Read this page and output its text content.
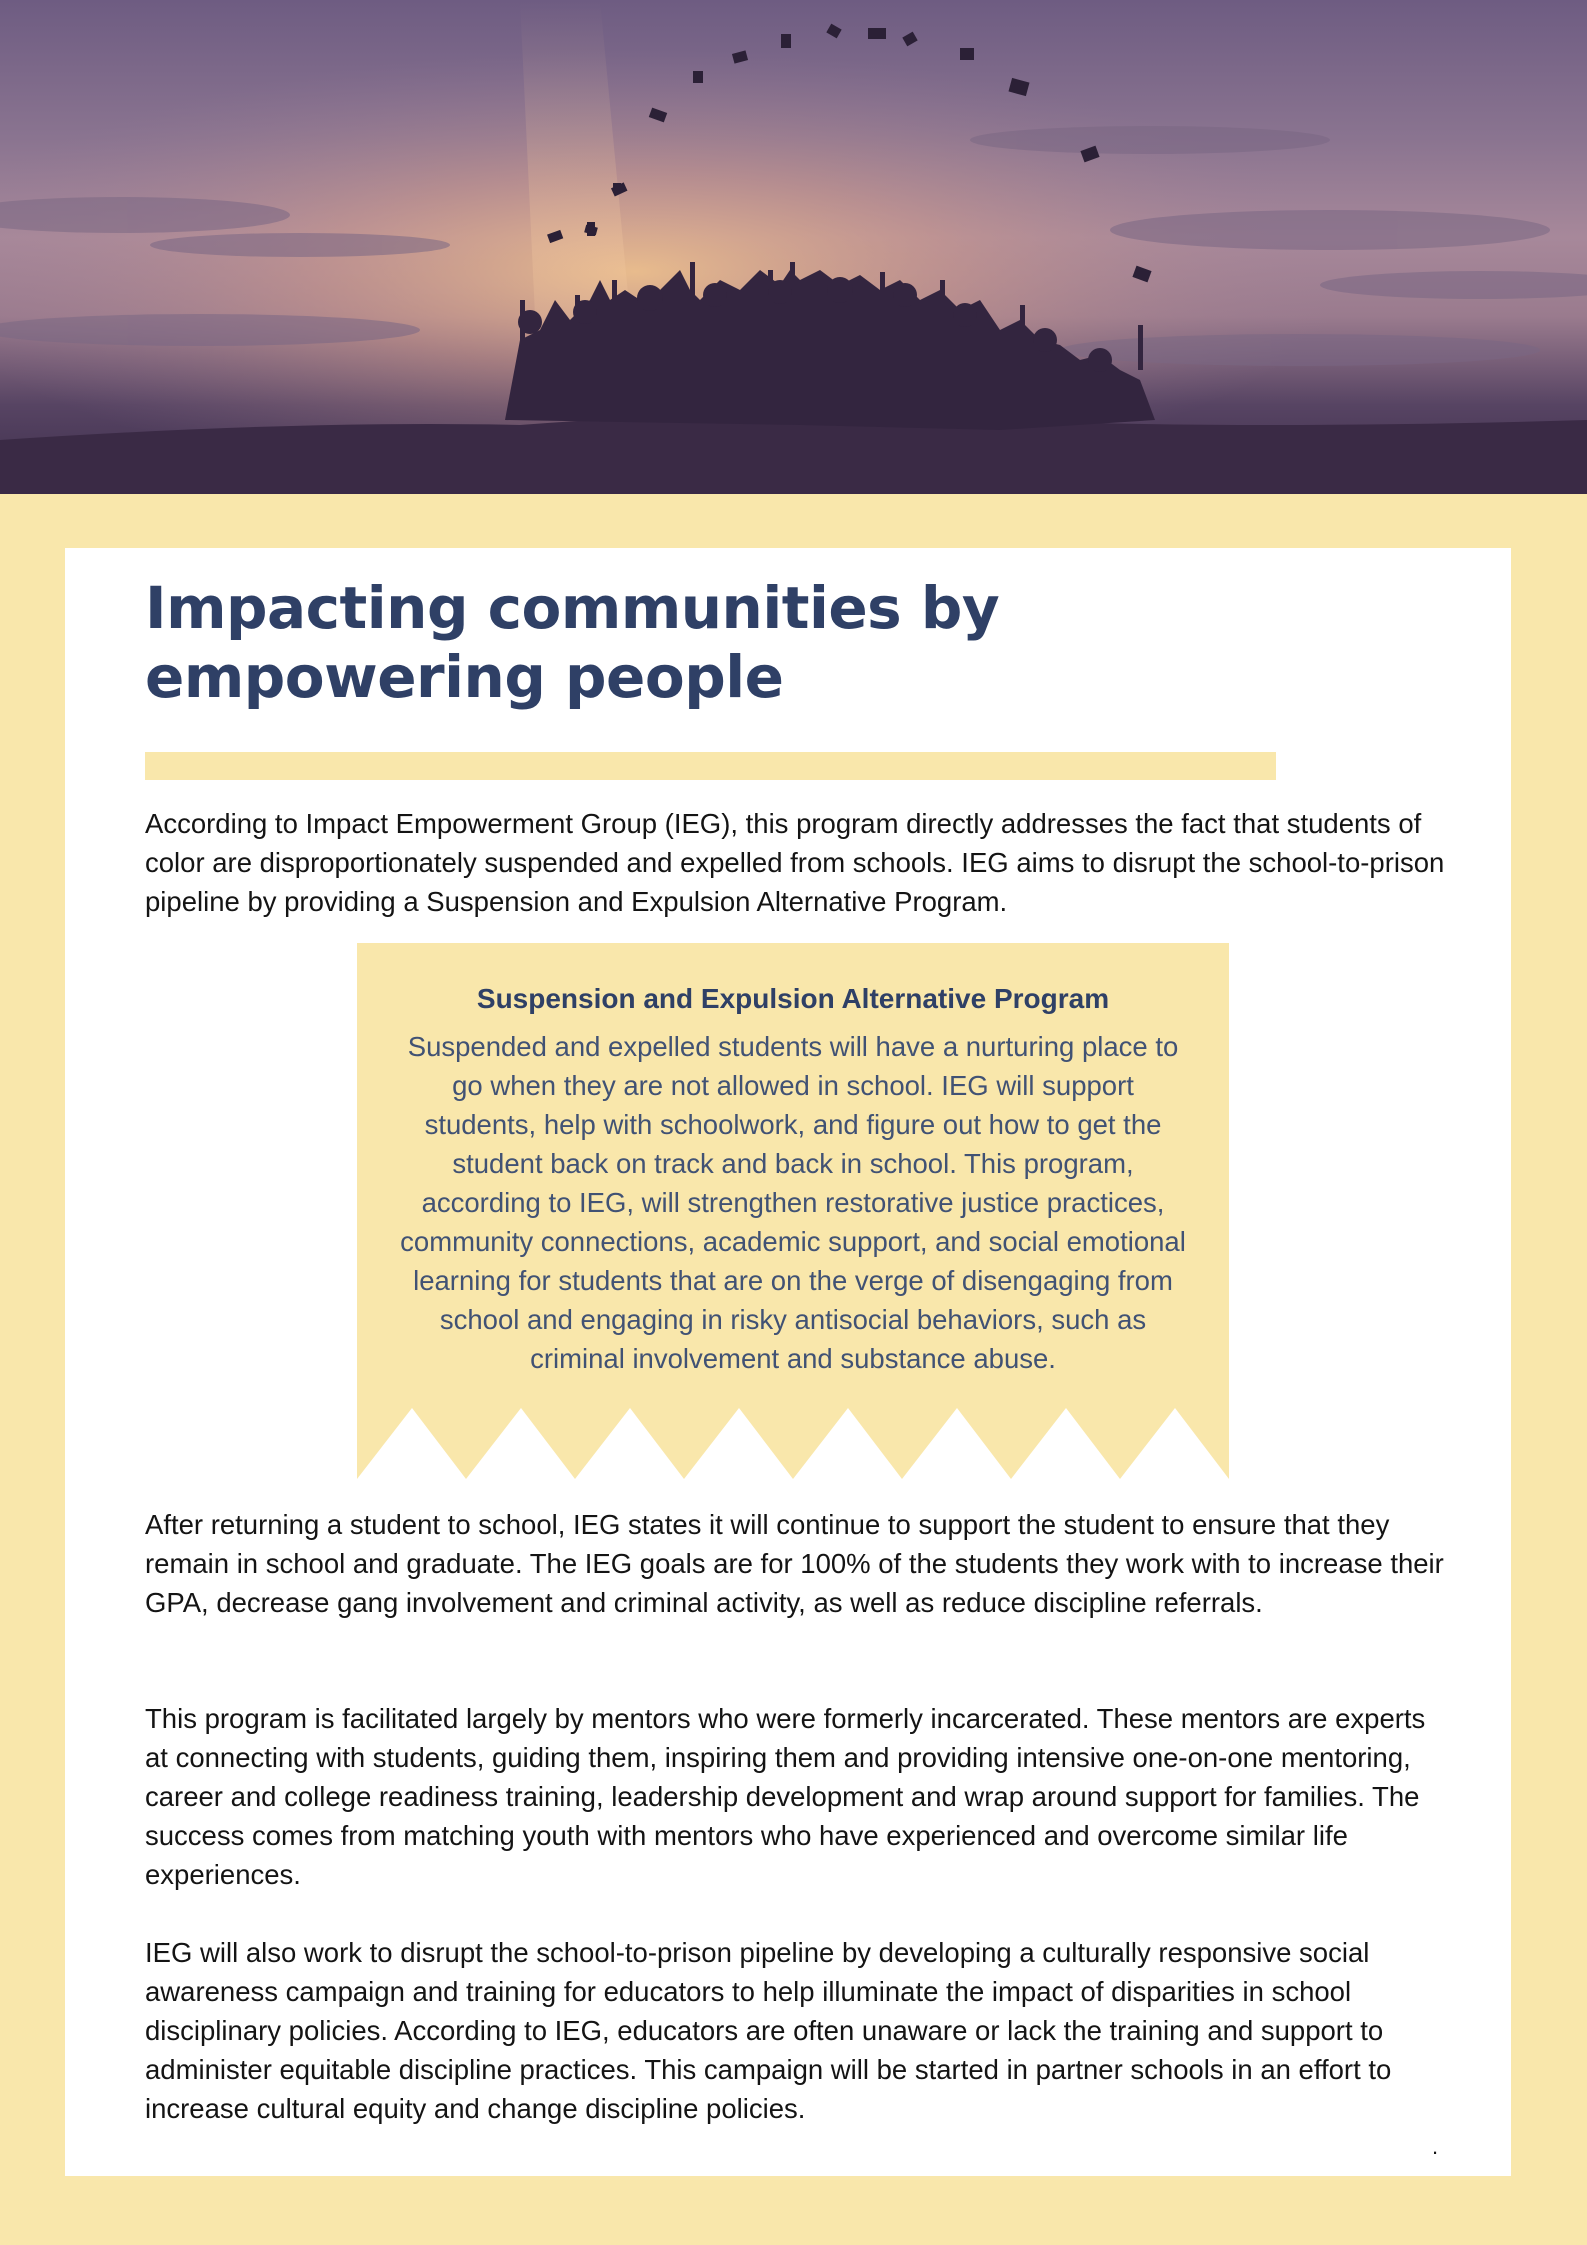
Impacting communities by empowering people

According to Impact Empowerment Group (IEG), this program directly addresses the fact that students of color are disproportionately suspended and expelled from schools. IEG aims to disrupt the school-to-prison pipeline by providing a Suspension and Expulsion Alternative Program.

Suspension and Expulsion Alternative Program

Suspended and expelled students will have a nurturing place to go when they are not allowed in school. IEG will support students, help with schoolwork, and figure out how to get the student back on track and back in school. This program, according to IEG, will strengthen restorative justice practices, community connections, academic support, and social emotional learning for students that are on the verge of disengaging from school and engaging in risky antisocial behaviors, such as criminal involvement and substance abuse.

After returning a student to school, IEG states it will continue to support the student to ensure that they remain in school and graduate. The IEG goals are for 100% of the students they work with to increase their GPA, decrease gang involvement and criminal activity, as well as reduce discipline referrals.

This program is facilitated largely by mentors who were formerly incarcerated. These mentors are experts at connecting with students, guiding them, inspiring them and providing intensive one-on-one mentoring, career and college readiness training, leadership development and wrap around support for families. The success comes from matching youth with mentors who have experienced and overcome similar life experiences.

IEG will also work to disrupt the school-to-prison pipeline by developing a culturally responsive social awareness campaign and training for educators to help illuminate the impact of disparities in school disciplinary policies. According to IEG, educators are often unaware or lack the training and support to administer equitable discipline practices. This campaign will be started in partner schools in an effort to increase cultural equity and change discipline policies.

.
